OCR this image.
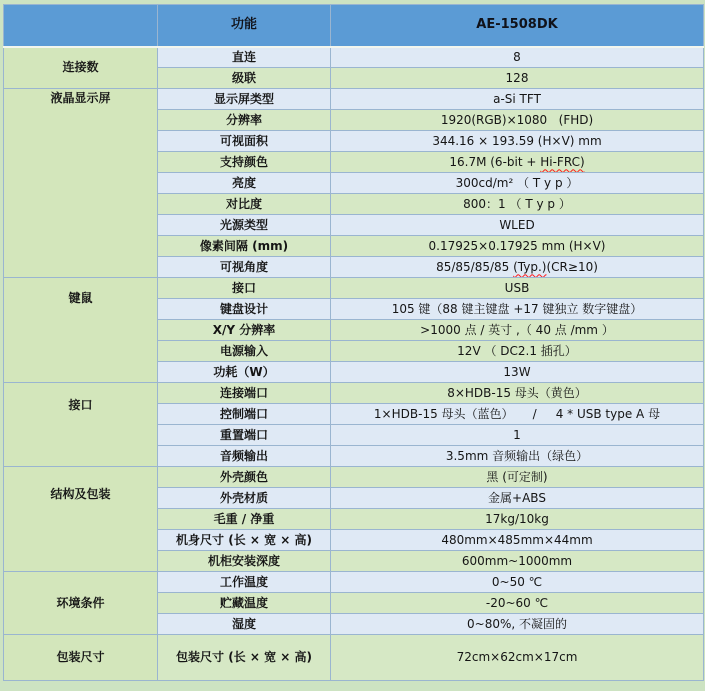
	功能	AE-1508DK
连接数	直连	8
	级联	128
液晶显示屏	显示屏类型	a-Si TFT
	分辨率	1920(RGB)×1080   (FHD)
	可视面积	344.16 × 193.59 (H×V) mm
	支持颜色	16.7M (6-bit + Hi-FRC)
	亮度	300cd/m² （ T y p ）
	对比度	800：1 （ T y p ）
	光源类型	WLED
	像素间隔 (mm)	0.17925×0.17925 mm (H×V)
	可视角度	85/85/85/85 (Typ.)(CR≥10)
键鼠	接口	USB
	键盘设计	105 键（88 键主键盘 +17 键独立 数字键盘）
	X/Y 分辨率	>1000 点 / 英寸 ,（ 40 点 /mm ）
	电源输入	12V （ DC2.1 插孔）
	功耗（W）	13W
接口	连接端口	8×HDB-15 母头（黄色）
	控制端口	1×HDB-15 母头（蓝色）     /     4 * USB type A 母
	重置端口	1
	音频输出	3.5mm 音频输出（绿色）
结构及包装	外壳颜色	黑 (可定制)
	外壳材质	金属+ABS
	毛重 / 净重	17kg/10kg
	机身尺寸 (长 × 宽 × 高)	480mm×485mm×44mm
	机柜安装深度	600mm~1000mm
环境条件	工作温度	0~50 ℃
	贮藏温度	-20~60 ℃
	湿度	0~80%, 不凝固的
包装尺寸	包装尺寸 (长 × 宽 × 高)	72cm×62cm×17cm
